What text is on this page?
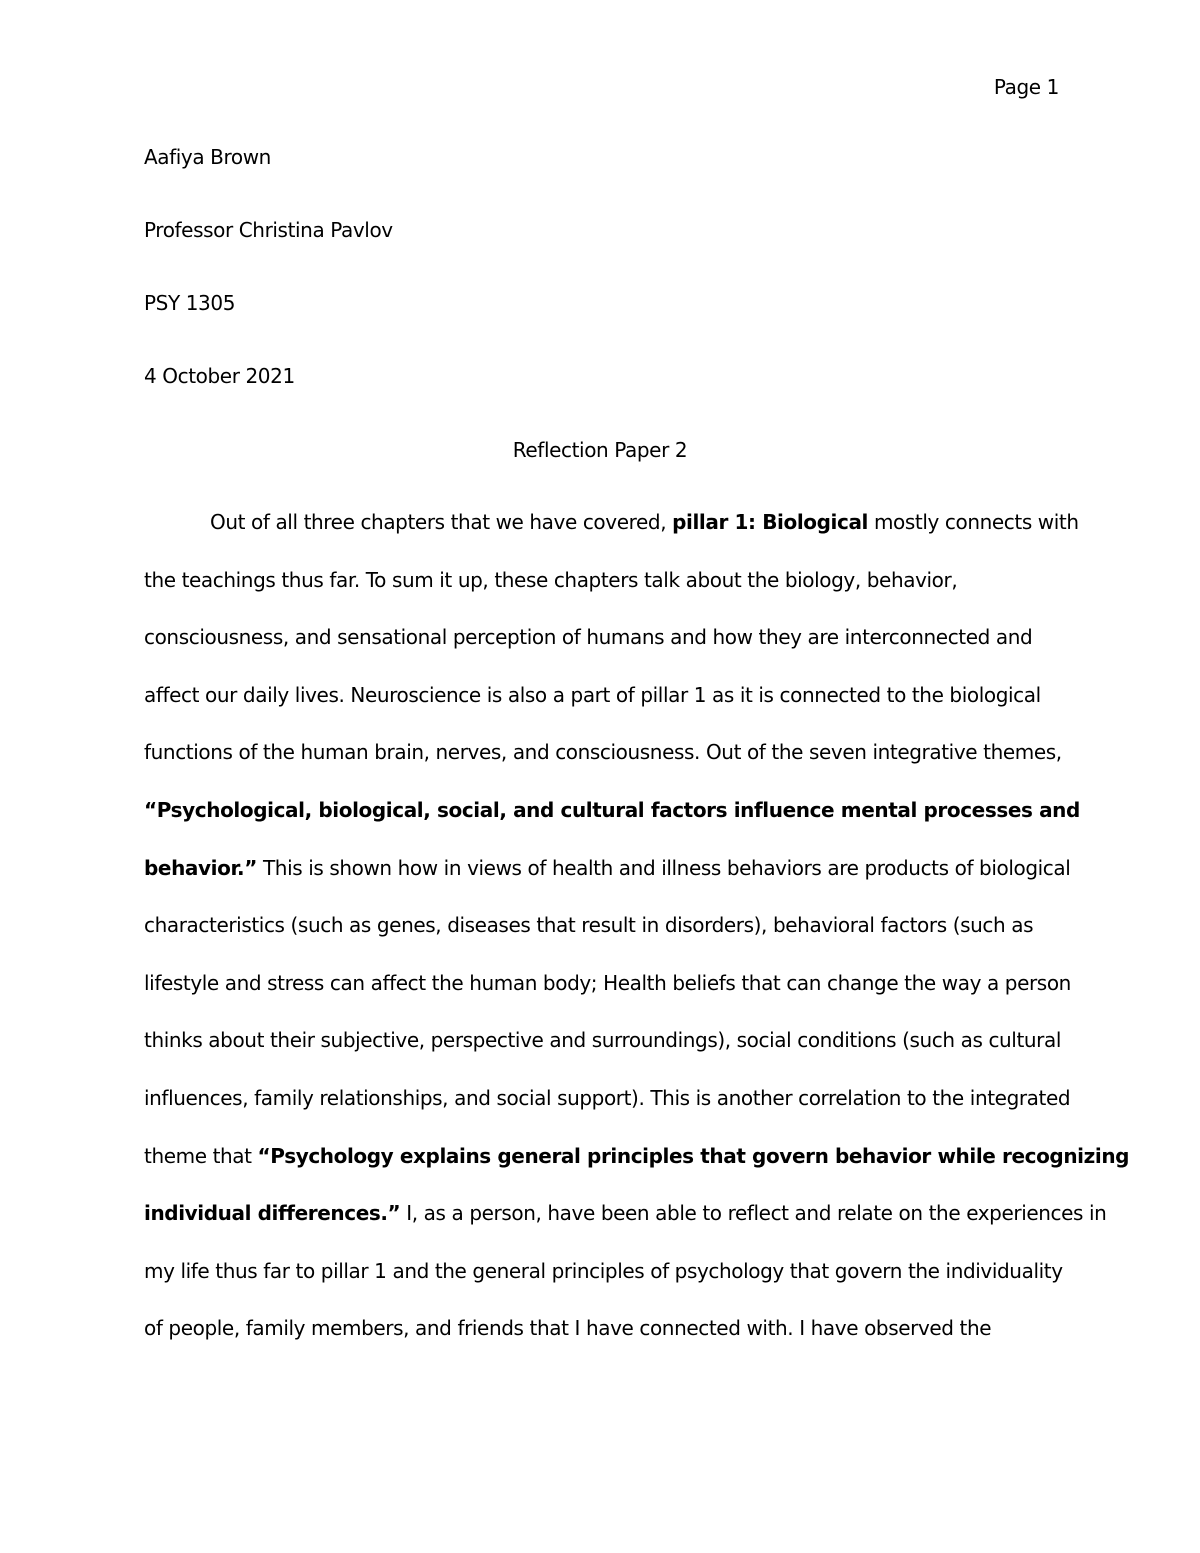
Page 1
Aafiya Brown
Professor Christina Pavlov
PSY 1305
4 October 2021
Reflection Paper 2
Out of all three chapters that we have covered, pillar 1: Biological mostly connects with
the teachings thus far. To sum it up, these chapters talk about the biology, behavior,
consciousness, and sensational perception of humans and how they are interconnected and
affect our daily lives. Neuroscience is also a part of pillar 1 as it is connected to the biological
functions of the human brain, nerves, and consciousness. Out of the seven integrative themes,
“Psychological, biological, social, and cultural factors influence mental processes and
behavior.” This is shown how in views of health and illness behaviors are products of biological
characteristics (such as genes, diseases that result in disorders), behavioral factors (such as
lifestyle and stress can affect the human body; Health beliefs that can change the way a person
thinks about their subjective, perspective and surroundings), social conditions (such as cultural
influences, family relationships, and social support). This is another correlation to the integrated
theme that “Psychology explains general principles that govern behavior while recognizing
individual differences.” I, as a person, have been able to reflect and relate on the experiences in
my life thus far to pillar 1 and the general principles of psychology that govern the individuality
of people, family members, and friends that I have connected with. I have observed the
